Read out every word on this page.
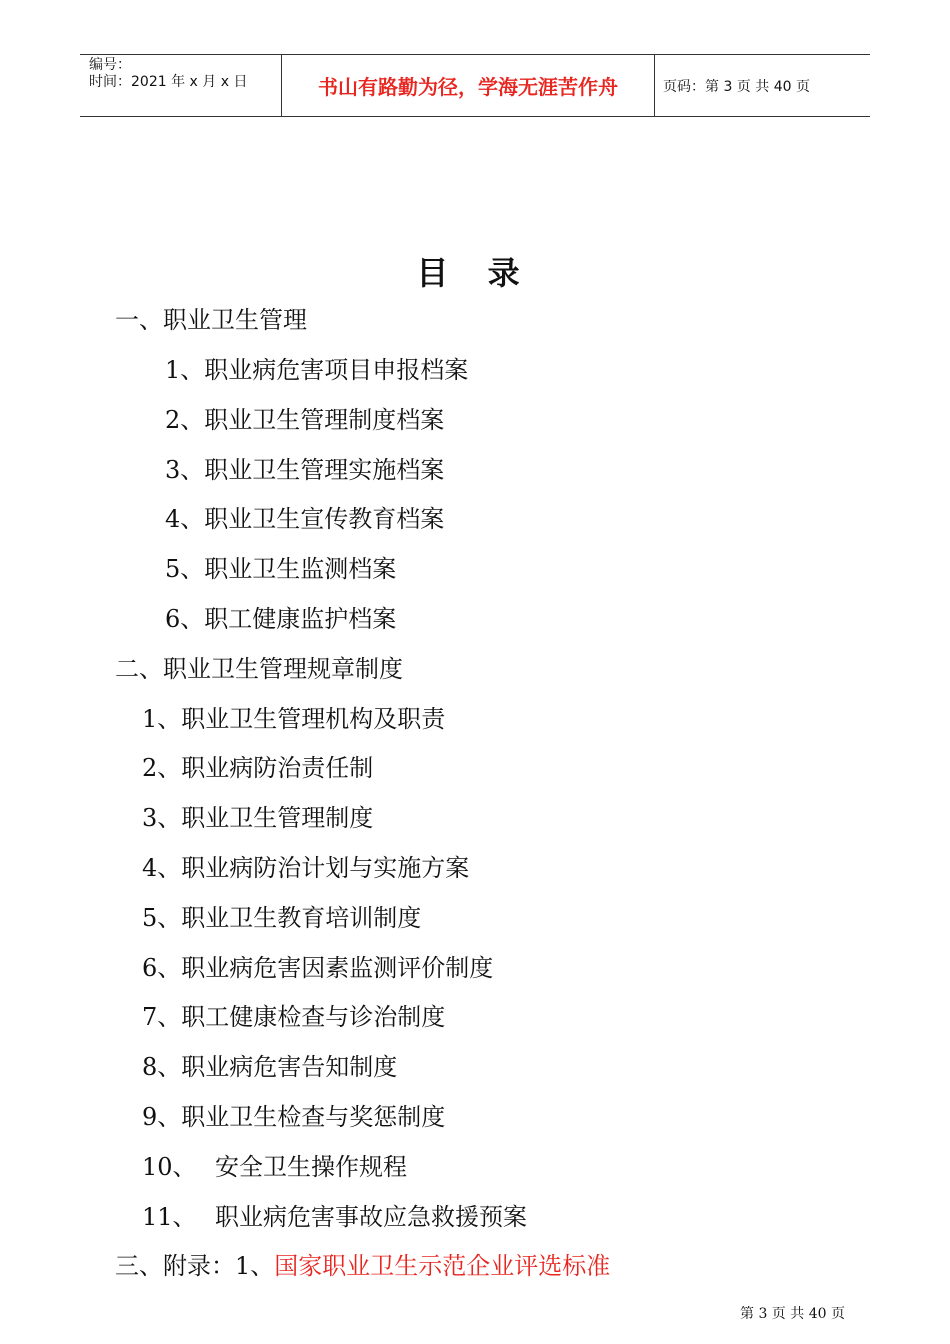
编号：
时间：2021 年 x 月 x 日	书山有路勤为径，学海无涯苦作舟	页码：第 3 页 共 40 页
目 录
一、职业卫生管理
1、职业病危害项目申报档案
2、职业卫生管理制度档案
3、职业卫生管理实施档案
4、职业卫生宣传教育档案
5、职业卫生监测档案
6、职工健康监护档案
二、职业卫生管理规章制度
1、职业卫生管理机构及职责
2、职业病防治责任制
3、职业卫生管理制度
4、职业病防治计划与实施方案
5、职业卫生教育培训制度
6、职业病危害因素监测评价制度
7、职工健康检查与诊治制度
8、职业病危害告知制度
9、职业卫生检查与奖惩制度
10、 安全卫生操作规程
11、 职业病危害事故应急救援预案
三、附录：1、国家职业卫生示范企业评选标准
第 3 页 共 40 页
